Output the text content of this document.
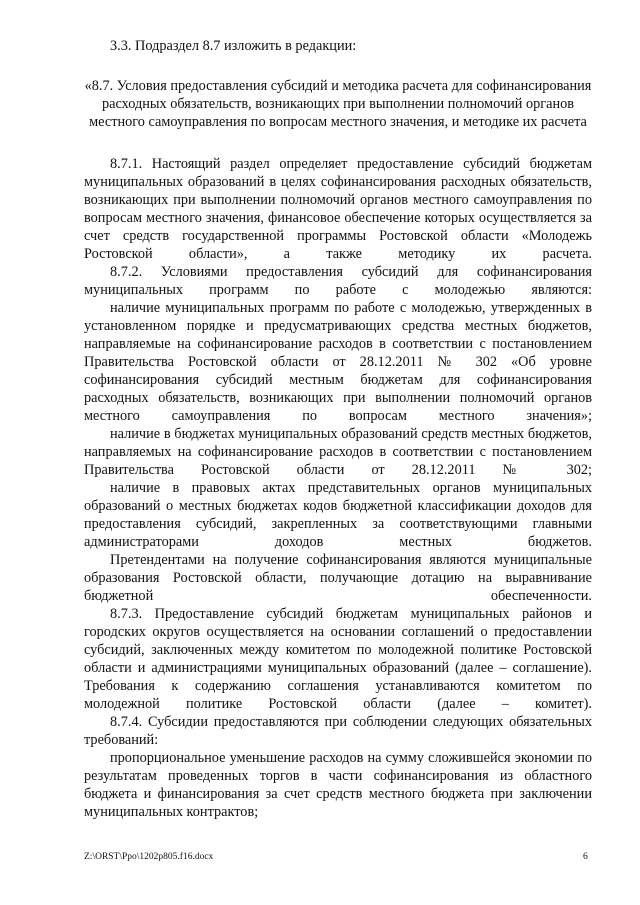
3.3. Подраздел 8.7 изложить в редакции:
«8.7. Условия предоставления субсидий и методика расчета для софинансирования расходных обязательств, возникающих при выполнении полномочий органов местного самоуправления по вопросам местного значения, и методике их расчета

8.7.1. Настоящий раздел определяет предоставление субсидий бюджетам муниципальных образований в целях софинансирования расходных обязательств, возникающих при выполнении полномочий органов местного самоуправления по вопросам местного значения, финансовое обеспечение которых осуществляется за счет средств государственной программы Ростовской области «Молодежь Ростовской области», а также методику их расчета.

8.7.2. Условиями предоставления субсидий для софинансирования муниципальных программ по работе с молодежью являются:

наличие муниципальных программ по работе с молодежью, утвержденных в установленном порядке и предусматривающих средства местных бюджетов, направляемые на софинансирование расходов в соответствии с постановлением Правительства Ростовской области от 28.12.2011 № 302 «Об уровне софинансирования субсидий местным бюджетам для софинансирования расходных обязательств, возникающих при выполнении полномочий органов местного самоуправления по вопросам местного значения»;

наличие в бюджетах муниципальных образований средств местных бюджетов, направляемых на софинансирование расходов в соответствии с постановлением Правительства Ростовской области от 28.12.2011 № 302;

наличие в правовых актах представительных органов муниципальных образований о местных бюджетах кодов бюджетной классификации доходов для предоставления субсидий, закрепленных за соответствующими главными администраторами доходов местных бюджетов.

Претендентами на получение софинансирования являются муниципальные образования Ростовской области, получающие дотацию на выравнивание бюджетной обеспеченности.

8.7.3. Предоставление субсидий бюджетам муниципальных районов и городских округов осуществляется на основании соглашений о предоставлении субсидий, заключенных между комитетом по молодежной политике Ростовской области и администрациями муниципальных образований (далее – соглашение). Требования к содержанию соглашения устанавливаются комитетом по молодежной политике Ростовской области (далее – комитет).

8.7.4. Субсидии предоставляются при соблюдении следующих обязательных требований:

пропорциональное уменьшение расходов на сумму сложившейся экономии по результатам проведенных торгов в части софинансирования из областного бюджета и финансирования за счет средств местного бюджета при заключении муниципальных контрактов;

Z:\ORST\Ppo\1202p805.f16.docx	6
